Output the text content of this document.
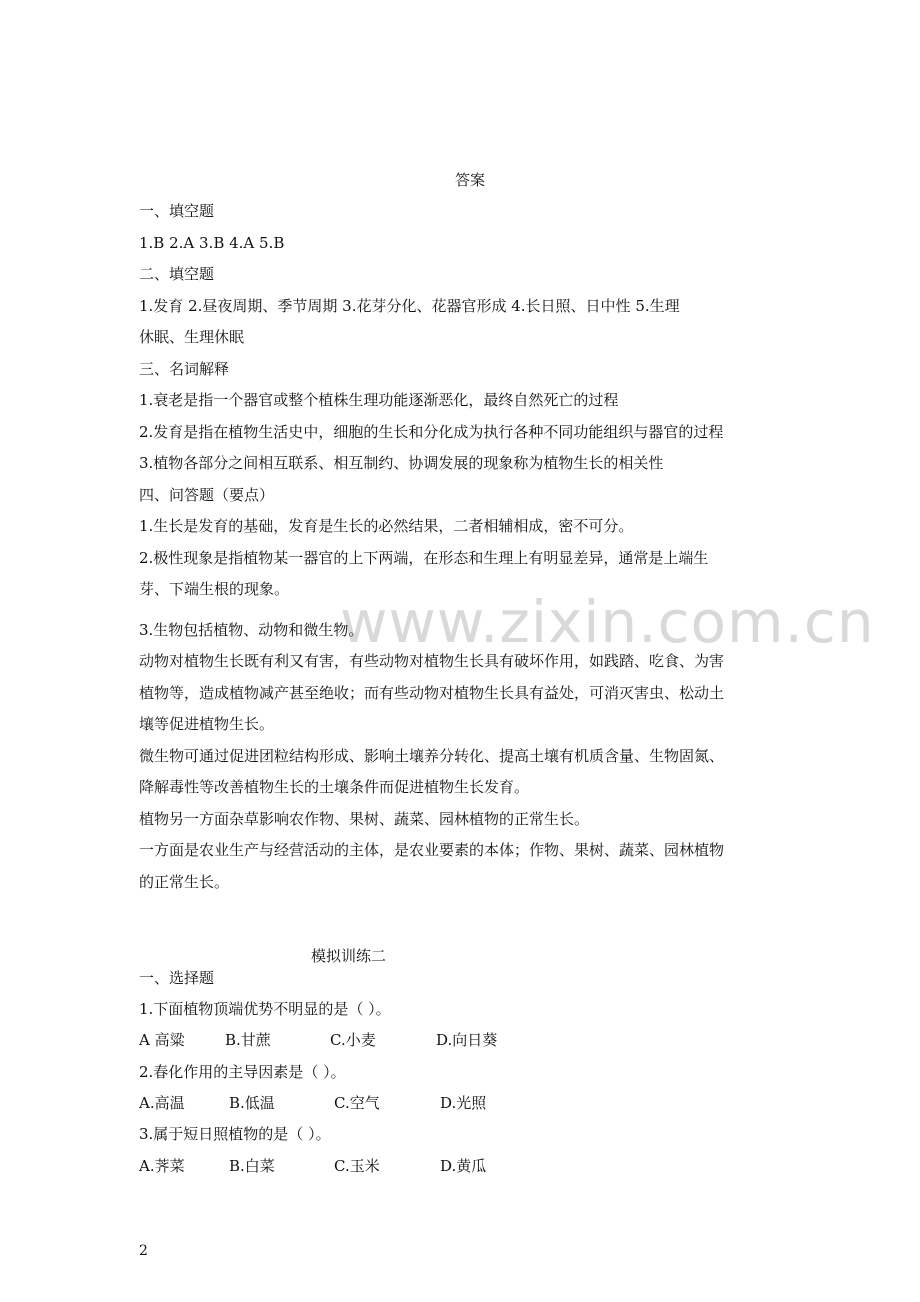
www.zixin.com.cn
答案
一、填空题
1.B 2.A 3.B 4.A 5.B
二、填空题
1.发育 2.昼夜周期、季节周期 3.花芽分化、花器官形成 4.长日照、日中性 5.生理
休眠、生理休眠
三、名词解释
1.衰老是指一个器官或整个植株生理功能逐渐恶化，最终自然死亡的过程
2.发育是指在植物生活史中，细胞的生长和分化成为执行各种不同功能组织与器官的过程
3.植物各部分之间相互联系、相互制约、协调发展的现象称为植物生长的相关性
四、问答题（要点）
1.生长是发育的基础，发育是生长的必然结果，二者相辅相成，密不可分。
2.极性现象是指植物某一器官的上下两端，在形态和生理上有明显差异，通常是上端生
芽、下端生根的现象。
3.生物包括植物、动物和微生物。
动物对植物生长既有利又有害，有些动物对植物生长具有破坏作用，如践踏、吃食、为害
植物等，造成植物减产甚至绝收；而有些动物对植物生长具有益处，可消灭害虫、松动土
壤等促进植物生长。
微生物可通过促进团粒结构形成、影响土壤养分转化、提高土壤有机质含量、生物固氮、
降解毒性等改善植物生长的土壤条件而促进植物生长发育。
植物另一方面杂草影响农作物、果树、蔬菜、园林植物的正常生长。
一方面是农业生产与经营活动的主体，是农业要素的本体；作物、果树、蔬菜、园林植物
的正常生长。
模拟训练二
一、选择题
1.下面植物顶端优势不明显的是（ ）。
A 高粱	B.甘蔗	C.小麦	D.向日葵
2.春化作用的主导因素是（ ）。
A.高温	B.低温	C.空气	D.光照
3.属于短日照植物的是（ ）。
A.荠菜	B.白菜	C.玉米	D.黄瓜
2
